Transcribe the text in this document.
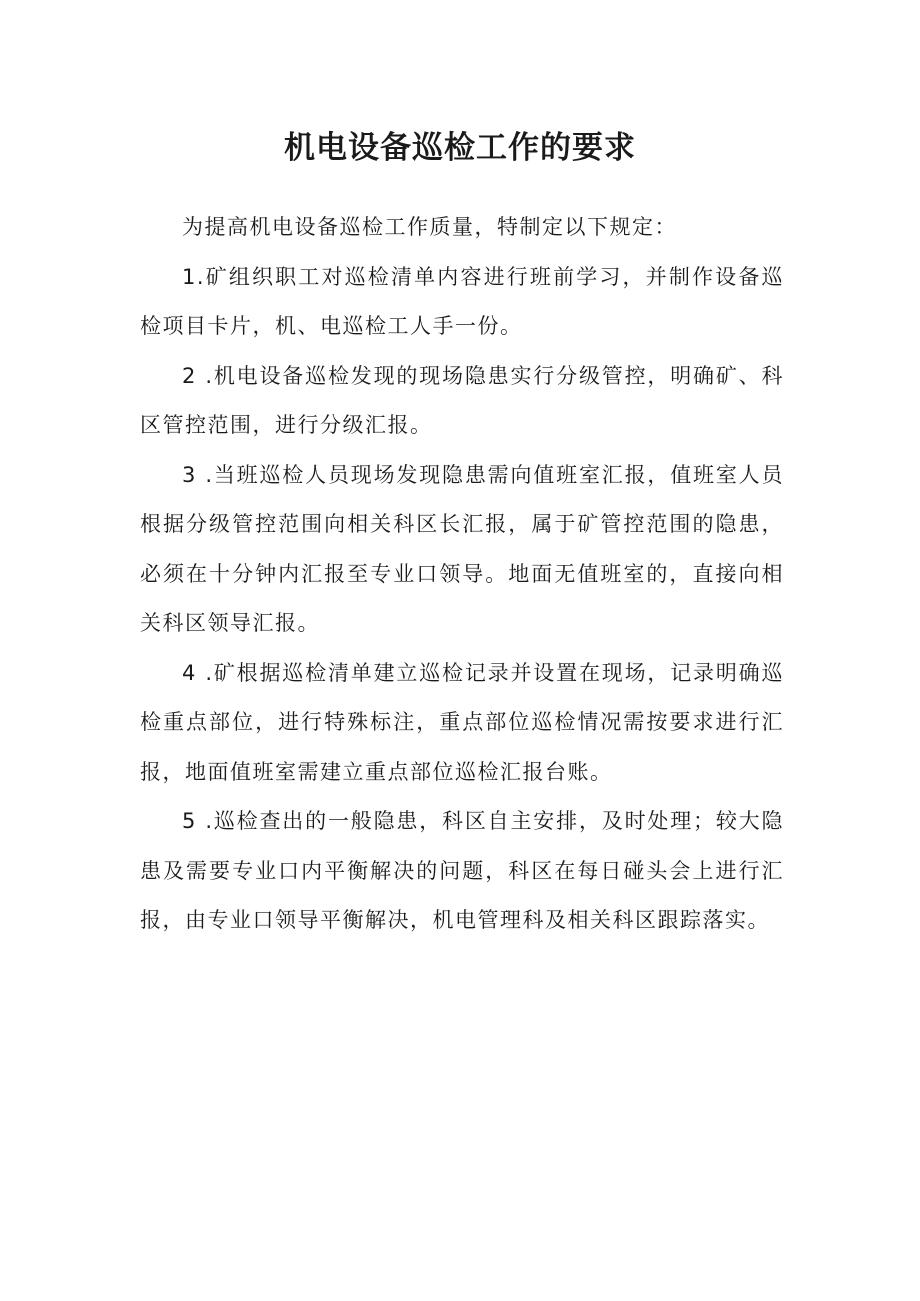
机电设备巡检工作的要求

为提高机电设备巡检工作质量，特制定以下规定：

1.矿组织职工对巡检清单内容进行班前学习，并制作设备巡检项目卡片，机、电巡检工人手一份。

2 .机电设备巡检发现的现场隐患实行分级管控，明确矿、科区管控范围，进行分级汇报。

3 .当班巡检人员现场发现隐患需向值班室汇报，值班室人员根据分级管控范围向相关科区长汇报，属于矿管控范围的隐患，必须在十分钟内汇报至专业口领导。地面无值班室的，直接向相关科区领导汇报。

4 .矿根据巡检清单建立巡检记录并设置在现场，记录明确巡检重点部位，进行特殊标注，重点部位巡检情况需按要求进行汇报，地面值班室需建立重点部位巡检汇报台账。

5 .巡检查出的一般隐患，科区自主安排，及时处理；较大隐患及需要专业口内平衡解决的问题，科区在每日碰头会上进行汇报，由专业口领导平衡解决，机电管理科及相关科区跟踪落实。
